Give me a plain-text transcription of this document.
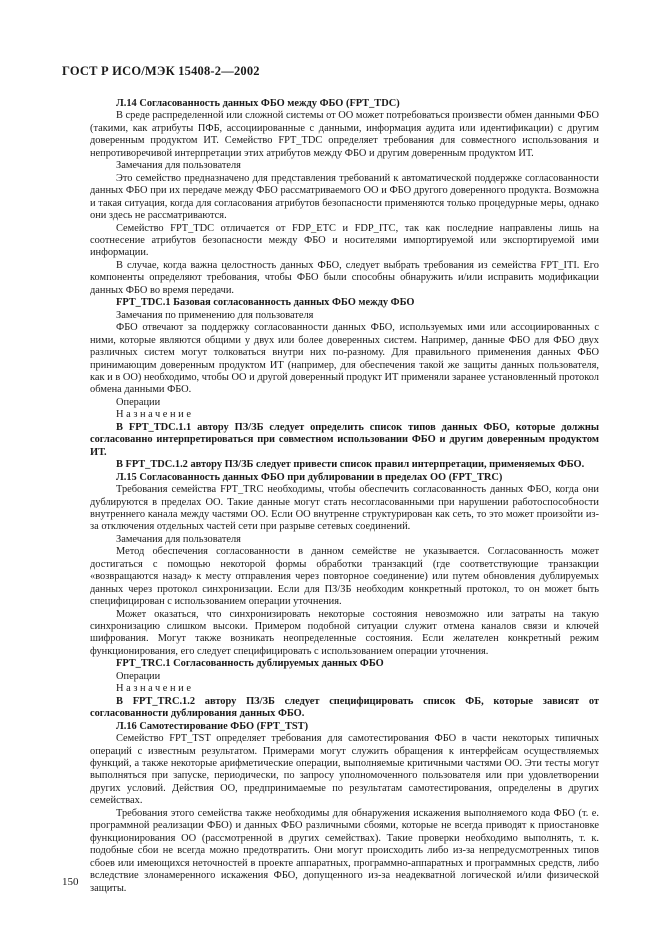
ГОСТ Р ИСО/МЭК 15408-2—2002

Л.14 Согласованность данных ФБО между ФБО (FPT_TDC)

В среде распределенной или сложной системы от ОО может потребоваться произвести обмен данными ФБО (такими, как атрибуты ПФБ, ассоциированные с данными, информация аудита или идентификации) с другим доверенным продуктом ИТ. Семейство FPT_TDC определяет требования для совместного использования и непротиворечивой интерпретации этих атрибутов между ФБО и другим доверенным продуктом ИТ.

Замечания для пользователя

Это семейство предназначено для представления требований к автоматической поддержке согласованности данных ФБО при их передаче между ФБО рассматриваемого ОО и ФБО другого доверенного продукта. Возможна и такая ситуация, когда для согласования атрибутов безопасности применяются только процедурные меры, однако они здесь не рассматриваются.

Семейство FPT_TDC отличается от FDP_ETC и FDP_ITC, так как последние направлены лишь на соотнесение атрибутов безопасности между ФБО и носителями импортируемой или экспортируемой ими информации.

В случае, когда важна целостность данных ФБО, следует выбрать требования из семейства FPT_ITI. Его компоненты определяют требования, чтобы ФБО были способны обнаружить и/или исправить модификации данных ФБО во время передачи.

FPT_TDC.1 Базовая согласованность данных ФБО между ФБО

Замечания по применению для пользователя

ФБО отвечают за поддержку согласованности данных ФБО, используемых ими или ассоциированных с ними, которые являются общими у двух или более доверенных систем. Например, данные ФБО для ФБО двух различных систем могут толковаться внутри них по-разному. Для правильного применения данных ФБО принимающим доверенным продуктом ИТ (например, для обеспечения такой же защиты данных пользователя, как и в ОО) необходимо, чтобы ОО и другой доверенный продукт ИТ применяли заранее установленный протокол обмена данными ФБО.

Операции

Назначение

В FPT_TDC.1.1 автору ПЗ/ЗБ следует определить список типов данных ФБО, которые должны согласованно интерпретироваться при совместном использовании ФБО и другим доверенным продуктом ИТ.

В FPT_TDC.1.2 автору ПЗ/ЗБ следует привести список правил интерпретации, применяемых ФБО.

Л.15 Согласованность данных ФБО при дублировании в пределах ОО (FPT_TRC)

Требования семейства FPT_TRC необходимы, чтобы обеспечить согласованность данных ФБО, когда они дублируются в пределах ОО. Такие данные могут стать несогласованными при нарушении работоспособности внутреннего канала между частями ОО. Если ОО внутренне структурирован как сеть, то это может произойти из-за отключения отдельных частей сети при разрыве сетевых соединений.

Замечания для пользователя

Метод обеспечения согласованности в данном семействе не указывается. Согласованность может достигаться с помощью некоторой формы обработки транзакций (где соответствующие транзакции «возвращаются назад» к месту отправления через повторное соединение) или путем обновления дублируемых данных через протокол синхронизации. Если для ПЗ/ЗБ необходим конкретный протокол, то он может быть специфицирован с использованием операции уточнения.

Может оказаться, что синхронизировать некоторые состояния невозможно или затраты на такую синхронизацию слишком высоки. Примером подобной ситуации служит отмена каналов связи и ключей шифрования. Могут также возникать неопределенные состояния. Если желателен конкретный режим функционирования, его следует специфицировать с использованием операции уточнения.

FPT_TRC.1 Согласованность дублируемых данных ФБО

Операции

Назначение

В FPT_TRC.1.2 автору ПЗ/ЗБ следует специфицировать список ФБ, которые зависят от согласованности дублирования данных ФБО.

Л.16 Самотестирование ФБО (FPT_TST)

Семейство FPT_TST определяет требования для самотестирования ФБО в части некоторых типичных операций с известным результатом. Примерами могут служить обращения к интерфейсам осуществляемых функций, а также некоторые арифметические операции, выполняемые критичными частями ОО. Эти тесты могут выполняться при запуске, периодически, по запросу уполномоченного пользователя или при удовлетворении других условий. Действия ОО, предпринимаемые по результатам самотестирования, определены в других семействах.

Требования этого семейства также необходимы для обнаружения искажения выполняемого кода ФБО (т. е. программной реализации ФБО) и данных ФБО различными сбоями, которые не всегда приводят к приостановке функционирования ОО (рассмотренной в других семействах). Такие проверки необходимо выполнять, т. к. подобные сбои не всегда можно предотвратить. Они могут происходить либо из-за непредусмотренных типов сбоев или имеющихся неточностей в проекте аппаратных, программно-аппаратных и программных средств, либо вследствие злонамеренного искажения ФБО, допущенного из-за неадекватной логической и/или физической защиты.

150
